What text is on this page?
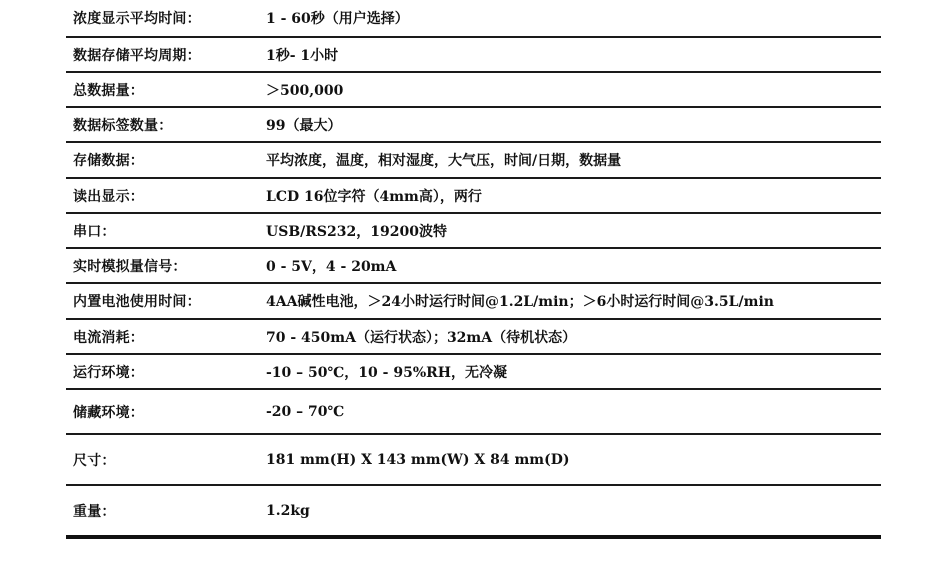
浓度显示平均时间：	1 - 60秒（用户选择）
数据存储平均周期：	1秒- 1小时
总数据量：	＞500,000
数据标签数量：	99（最大）
存储数据：	平均浓度，温度，相对湿度，大气压，时间/日期，数据量
读出显示：	LCD 16位字符（4mm高），两行
串口：	USB/RS232，19200波特
实时模拟量信号：	0 - 5V，4 - 20mA
内置电池使用时间：	4AA碱性电池，＞24小时运行时间@1.2L/min；＞6小时运行时间@3.5L/min
电流消耗：	70 - 450mA（运行状态）；32mA（待机状态）
运行环境：	-10 – 50℃，10 - 95%RH，无冷凝
储藏环境：	-20 – 70℃
尺寸：	181 mm(H) X 143 mm(W) X 84 mm(D)
重量：	1.2kg
